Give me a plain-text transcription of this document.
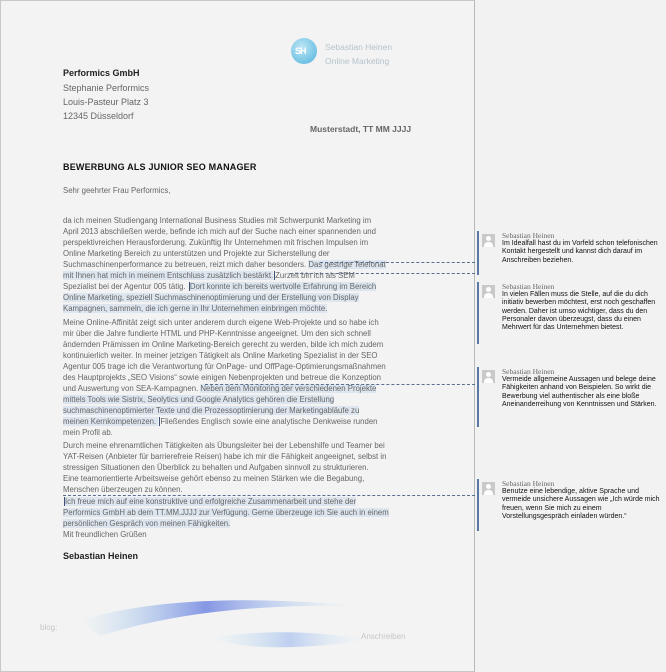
SH Sebastian Heinen
Online Marketing
Performics GmbH
Stephanie Performics
Louis-Pasteur Platz 3
12345 Düsseldorf
Musterstadt, TT MM JJJJ
BEWERBUNG ALS JUNIOR SEO MANAGER
Sehr geehrter Frau Performics,
da ich meinen Studiengang International Business Studies mit Schwerpunkt Marketing im
April 2013 abschließen werde, befinde ich mich auf der Suche nach einer spannenden und
perspektivreichen Herausforderung. Zukünftig Ihr Unternehmen mit frischen Impulsen im
Online Marketing Bereich zu unterstützen und Projekte zur Sicherstellung der
Suchmaschinenperformance zu betreuen, reizt mich daher besonders. Das gestrige Telefonat
mit Ihnen hat mich in meinem Entschluss zusätzlich bestärkt. Zurzeit bin ich als SEM
Spezialist bei der Agentur 005 tätig. Dort konnte ich bereits wertvolle Erfahrung im Bereich
Online Marketing, speziell Suchmaschinenoptimierung und der Erstellung von Display
Kampagnen, sammeln, die ich gerne in Ihr Unternehmen einbringen möchte.
Meine Online-Affinität zeigt sich unter anderem durch eigene Web-Projekte und so habe ich
mir über die Jahre fundierte HTML und PHP-Kenntnisse angeeignet. Um den sich schnell
ändernden Prämissen im Online Marketing-Bereich gerecht zu werden, bilde ich mich zudem
kontinuierlich weiter. In meiner jetzigen Tätigkeit als Online Marketing Spezialist in der SEO
Agentur 005 trage ich die Verantwortung für OnPage- und OffPage-Optimierungsmaßnahmen
des Hauptprojekts „SEO Visions“ sowie einigen Nebenprojekten und betreue die Konzeption
und Auswertung von SEA-Kampagnen. Neben dem Monitoring der verschiedenen Projekte
mittels Tools wie Sistrix, Seolytics und Google Analytics gehören die Erstellung
suchmaschinenoptimierter Texte und die Prozessoptimierung der Marketingabläufe zu
meinen Kernkompetenzen. Fließendes Englisch sowie eine analytische Denkweise runden
mein Profil ab.
Durch meine ehrenamtlichen Tätigkeiten als Übungsleiter bei der Lebenshilfe und Teamer bei
YAT-Reisen (Anbieter für barrierefreie Reisen) habe ich mir die Fähigkeit angeeignet, selbst in
stressigen Situationen den Überblick zu behalten und Aufgaben sinnvoll zu strukturieren.
Eine teamorientierte Arbeitsweise gehört ebenso zu meinen Stärken wie die Begabung,
Menschen überzeugen zu können.
Ich freue mich auf eine konstruktive und erfolgreiche Zusammenarbeit und stehe der
Performics GmbH ab dem TT.MM.JJJJ zur Verfügung. Gerne überzeuge ich Sie auch in einem
persönlichen Gespräch von meinen Fähigkeiten.
Mit freundlichen Grüßen
Sebastian Heinen
Sebastian Heinen
Im Idealfall hast du im Vorfeld schon telefonischen Kontakt hergestellt und kannst dich darauf im Anschreiben beziehen.
Sebastian Heinen
In vielen Fällen muss die Stelle, auf die du dich initiativ bewerben möchtest, erst noch geschaffen werden. Daher ist umso wichtiger, dass du den Personaler davon überzeugst, dass du einen Mehrwert für das Unternehmen bietest.
Sebastian Heinen
Vermeide allgemeine Aussagen und belege deine Fähigkeiten anhand von Beispielen. So wirkt die Bewerbung viel authentischer als eine bloße Aneinanderreihung von Kenntnissen und Stärken.
Sebastian Heinen
Benutze eine lebendige, aktive Sprache und vermeide unsichere Aussagen wie „Ich würde mich freuen, wenn Sie mich zu einem Vorstellungsgespräch einladen würden.“
blog:
Anschreiben
